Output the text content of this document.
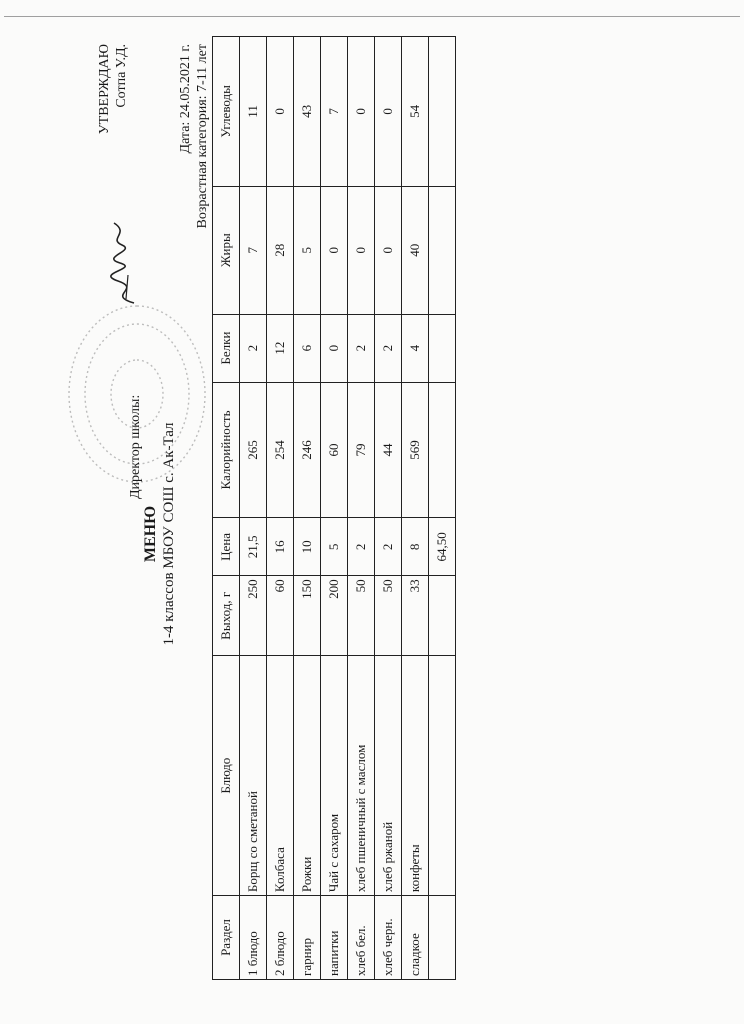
МЕНЮ 1-4 классов МБОУ СОШ с. Ак-Тал
УТВЕРЖДАЮ Сотпа У.Д.
Директор школы:
Дата: 24.05.2021 г. Возрастная категория: 7-11 лет
Раздел	Блюдо	Выход, г	Цена	Калорийность	Белки	Жиры	Углеводы
1 блюдо	Борщ со сметаной	250	21,5	265	2	7	11
2 блюдо	Колбаса	60	16	254	12	28	0
гарнир	Рожки	150	10	246	6	5	43
напитки	Чай с сахаром	200	5	60	0	0	7
хлеб бел.	хлеб пшеничный с маслом	50	2	79	2	0	0
хлеб черн.	хлеб ржаной	50	2	44	2	0	0
сладкое	конфеты	33	8	569	4	40	54
			64,50				
